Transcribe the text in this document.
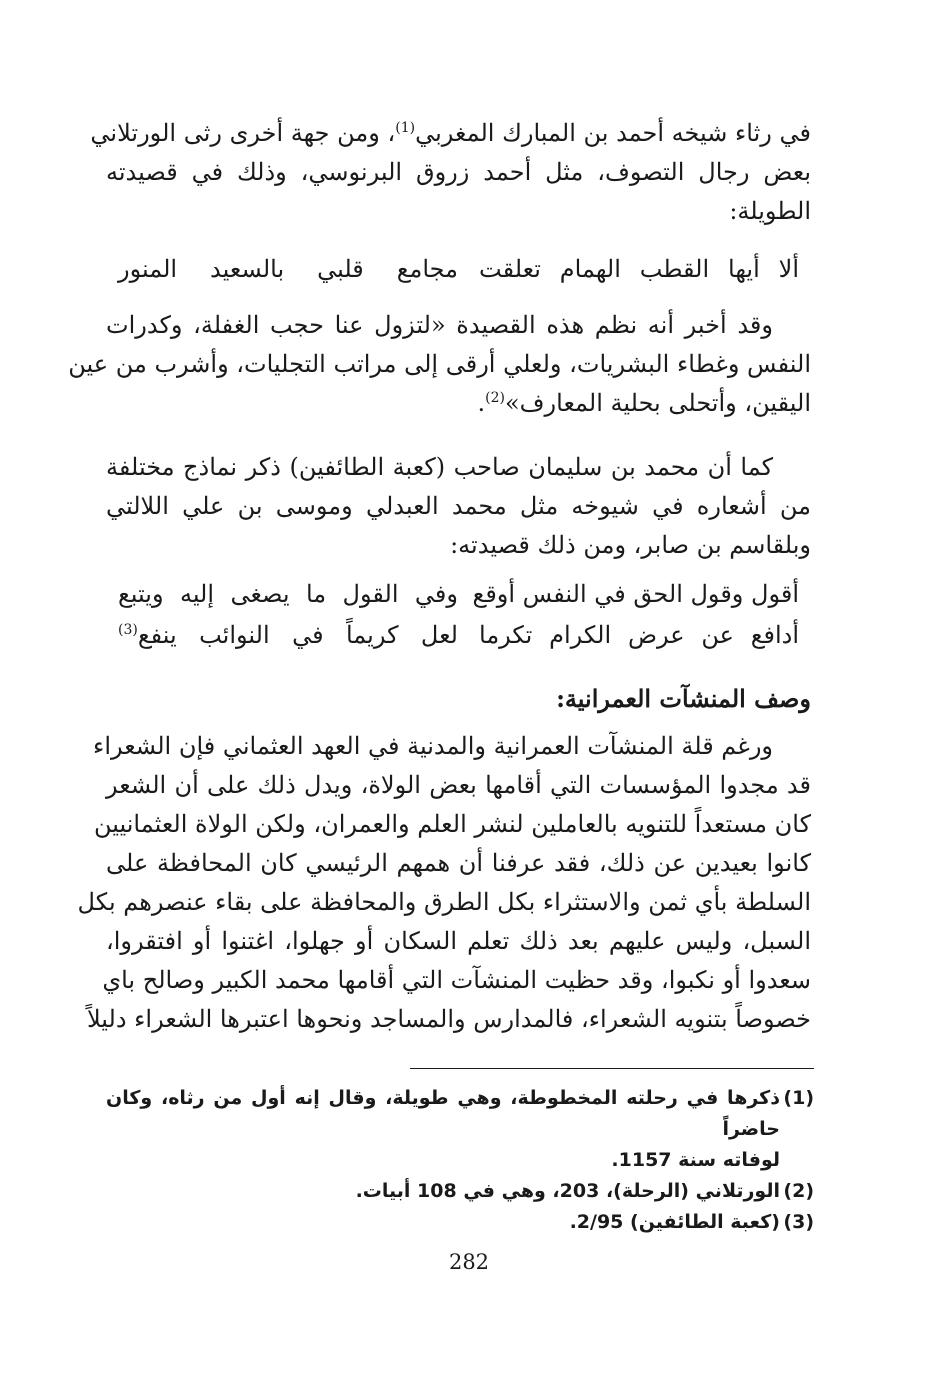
في رثاء شيخه أحمد بن المبارك المغربي$^{(1)}$، ومن جهة أخرى رثى الورتلاني
بعض رجال التصوف، مثل أحمد زروق البرنوسي، وذلك في قصيدته
الطويلة:
ألا أيها القطب الهمام تعلقت
مجامع قلبي بالسعيد المنور
وقد أخبر أنه نظم هذه القصيدة «لتزول عنا حجب الغفلة، وكدرات
النفس وغطاء البشريات، ولعلي أرقى إلى مراتب التجليات، وأشرب من عين
اليقين، وأتحلى بحلية المعارف»$^{(2)}$.
كما أن محمد بن سليمان صاحب (كعبة الطائفين) ذكر نماذج مختلفة
من أشعاره في شيوخه مثل محمد العبدلي وموسى بن علي اللالتي
وبلقاسم بن صابر، ومن ذلك قصيدته:
أقول وقول الحق في النفس أوقع
وفي القول ما يصغى إليه ويتبع
أدافع عن عرض الكرام تكرما
لعل كريماً في النوائب ينفع$^{(3)}$
وصف المنشآت العمرانية:
ورغم قلة المنشآت العمرانية والمدنية في العهد العثماني فإن الشعراء
قد مجدوا المؤسسات التي أقامها بعض الولاة، ويدل ذلك على أن الشعر
كان مستعداً للتنويه بالعاملين لنشر العلم والعمران، ولكن الولاة العثمانيين
كانوا بعيدين عن ذلك، فقد عرفنا أن همهم الرئيسي كان المحافظة على
السلطة بأي ثمن والاستثراء بكل الطرق والمحافظة على بقاء عنصرهم بكل
السبل، وليس عليهم بعد ذلك تعلم السكان أو جهلوا، اغتنوا أو افتقروا،
سعدوا أو نكبوا، وقد حظيت المنشآت التي أقامها محمد الكبير وصالح باي
خصوصاً بتنويه الشعراء، فالمدارس والمساجد ونحوها اعتبرها الشعراء دليلاً
(1)
ذكرها في رحلته المخطوطة، وهي طويلة، وقال إنه أول من رثاه، وكان حاضراً
لوفاته سنة 1157.
(2)
الورتلاني (الرحلة)، 203، وهي في 108 أبيات.
(3)
(كعبة الطائفين) 2/95.
282
